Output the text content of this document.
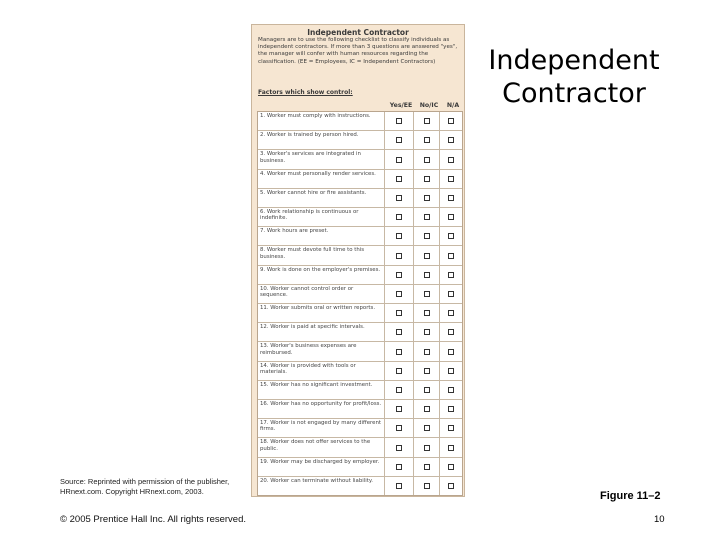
Independent
Contractor
Independent Contractor
Managers are to use the following checklist to classify individuals as independent contractors. If more than 3 questions are answered "yes", the manager will confer with human resources regarding the classification. (EE = Employees, IC = Independent Contractors)
Factors which show control:
Yes/EE	No/IC	N/A
1. Worker must comply with instructions.
2. Worker is trained by person hired.
3. Worker's services are integrated in business.
4. Worker must personally render services.
5. Worker cannot hire or fire assistants.
6. Work relationship is continuous or indefinite.
7. Work hours are preset.
8. Worker must devote full time to this business.
9. Work is done on the employer's premises.
10. Worker cannot control order or sequence.
11. Worker submits oral or written reports.
12. Worker is paid at specific intervals.
13. Worker's business expenses are reimbursed.
14. Worker is provided with tools or materials.
15. Worker has no significant investment.
16. Worker has no opportunity for profit/loss.
17. Worker is not engaged by many different firms.
18. Worker does not offer services to the public.
19. Worker may be discharged by employer.
20. Worker can terminate without liability.
Source: Reprinted with permission of the publisher, HRnext.com. Copyright HRnext.com, 2003.
© 2005 Prentice Hall Inc. All rights reserved.
Figure 11–2
10
